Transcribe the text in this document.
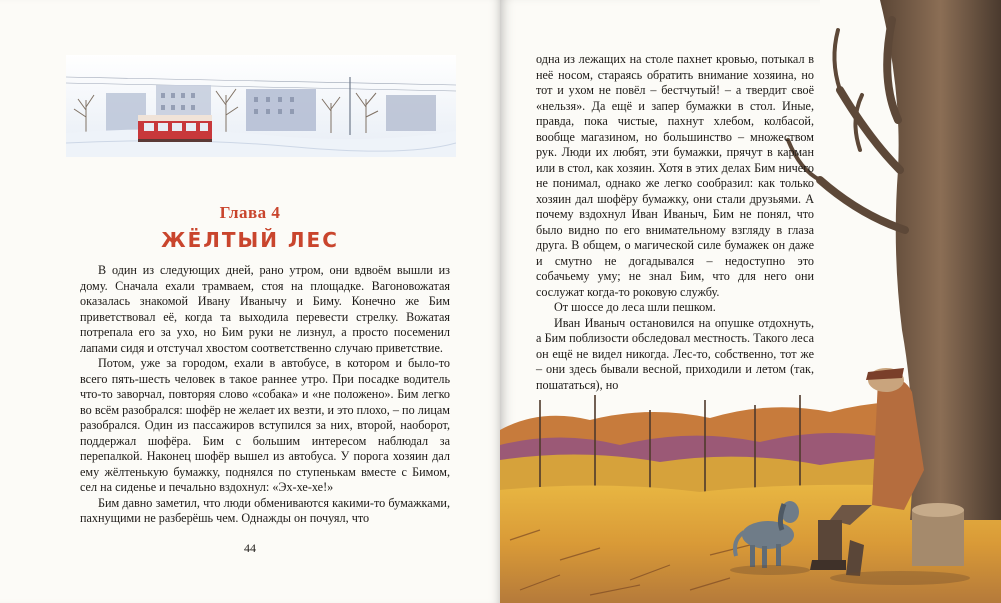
Глава 4
ЖЁЛТЫЙ ЛЕС

В один из следующих дней, рано утром, они вдвоём вышли из дому. Сначала ехали трамваем, стоя на площадке. Вагоновожатая оказалась знакомой Ивану Иванычу и Биму. Конечно же Бим приветствовал её, когда та выходила перевести стрелку. Вожатая потрепала его за ухо, но Бим руки не лизнул, а просто посеменил лапами сидя и отстучал хвостом соответственно случаю приветствие.

Потом, уже за городом, ехали в автобусе, в котором и было-то всего пять-шесть человек в такое раннее утро. При посадке водитель что-то заворчал, повторяя слово «собака» и «не положено». Бим легко во всём разобрался: шофёр не желает их везти, и это плохо, – по лицам разобрался. Один из пассажиров вступился за них, второй, наоборот, поддержал шофёра. Бим с большим интересом наблюдал за перепалкой. Наконец шофёр вышел из автобуса. У порога хозяин дал ему жёлтенькую бумажку, поднялся по ступенькам вместе с Бимом, сел на сиденье и печально вздохнул: «Эх-хе-хе!»

Бим давно заметил, что люди обмениваются какими-то бумажками, пахнущими не разберёшь чем. Однажды он почуял, что

44

одна из лежащих на столе пахнет кровью, потыкал в неё носом, стараясь обратить внимание хозяина, но тот и ухом не повёл – бестчутый! – а твердит своё «нельзя». Да ещё и запер бумажки в стол. Иные, правда, пока чистые, пахнут хлебом, колбасой, вообще магазином, но большинство – множеством рук. Люди их любят, эти бумажки, прячут в карман или в стол, как хозяин. Хотя в этих делах Бим ничего не понимал, однако же легко сообразил: как только хозяин дал шофёру бумажку, они стали друзьями. А почему вздохнул Иван Иваныч, Бим не понял, что было видно по его внимательному взгляду в глаза друга. В общем, о магической силе бумажек он даже и смутно не догадывался – недоступно это собачьему уму; не знал Бим, что для него они сослужат когда-то роковую службу.

От шоссе до леса шли пешком.

Иван Иваныч остановился на опушке отдохнуть, а Бим поблизости обследовал местность. Такого леса он ещё не видел никогда. Лес-то, собственно, тот же – они здесь бывали весной, приходили и летом (так, пошататься), но
